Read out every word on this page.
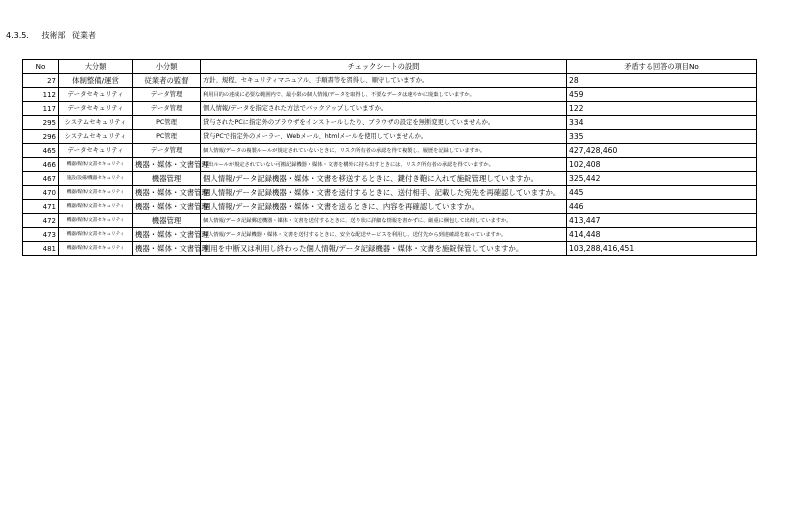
4.3.5. 技術部 従業者
No	大分類	小分類	チェックシートの設問	矛盾する回答の項目No
27	体制整備/運営	従業者の監督	方針、規程、セキュリティマニュアル、手順書等を習得し、順守していますか。	28
112	データセキュリティ	データ管理	利用目的の達成に必要な範囲内で、最小限の個人情報/データを取得し、不要なデータは速やかに廃棄していますか。	459
117	データセキュリティ	データ管理	個人情報/データを指定された方法でバックアップしていますか。	122
295	システムセキュリティ	PC管理	貸与されたPCに指定外のブラウザをインストールしたり、ブラウザの設定を無断変更していませんか。	334
296	システムセキュリティ	PC管理	貸与PCで指定外のメーラー、Webメール、htmlメールを使用していませんか。	335
465	データセキュリティ	データ管理	個人情報/データの複製ルールが規定されていないときに、リスク所有者の承認を得て複製し、履歴を記録していますか。	427,428,460
466	機器/媒体/文書セキュリティ	機器・媒体・文書管理	持出ルールが規定されていない可搬記録機器・媒体・文書を構外に持ち出すときには、リスク所有者の承認を得ていますか。	102,408
467	施設/設備/機器セキュリティ	機器管理	個人情報/データ記録機器・媒体・文書を移送するときに、鍵付き鞄に入れて施錠管理していますか。	325,442
470	機器/媒体/文書セキュリティ	機器・媒体・文書管理	個人情報/データ記録機器・媒体・文書を送付するときに、送付相手、記載した宛先を再確認していますか。	445
471	機器/媒体/文書セキュリティ	機器・媒体・文書管理	個人情報/データ記録機器・媒体・文書を送るときに、内容を再確認していますか。	446
472	機器/媒体/文書セキュリティ	機器管理	個人情報/データ記録郵送機器・媒体・文書を送付するときに、送り状に詳細な情報を書かずに、厳重に梱包して出荷していますか。	413,447
473	機器/媒体/文書セキュリティ	機器・媒体・文書管理	個人情報/データ記録機器・媒体・文書を送付するときに、安全な配送サービスを利用し、送付先から到達確認を取っていますか。	414,448
481	機器/媒体/文書セキュリティ	機器・媒体・文書管理	利用を中断又は利用し終わった個人情報/データ記録機器・媒体・文書を施錠保管していますか。	103,288,416,451
